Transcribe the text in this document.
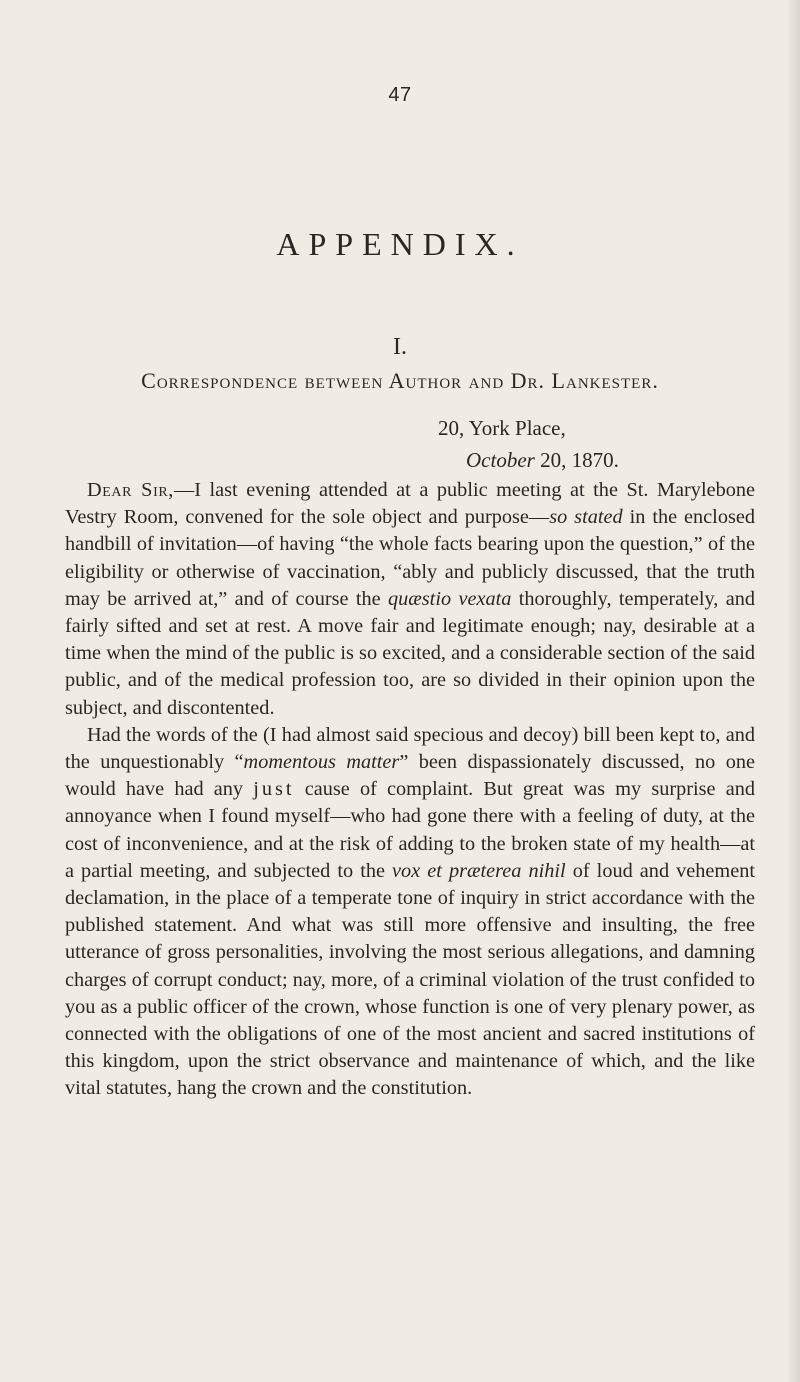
47
APPENDIX.
I.
Correspondence between Author and Dr. Lankester.
20, York Place,
October 20, 1870.

Dear Sir,—I last evening attended at a public meeting at the St. Marylebone Vestry Room, convened for the sole object and purpose—so stated in the enclosed handbill of invitation—of having “the whole facts bearing upon the question,” of the eligibility or otherwise of vaccination, “ably and publicly discussed, that the truth may be arrived at,” and of course the quæstio vexata thoroughly, temperately, and fairly sifted and set at rest. A move fair and legitimate enough; nay, desirable at a time when the mind of the public is so excited, and a considerable section of the said public, and of the medical profession too, are so divided in their opinion upon the subject, and discontented.

Had the words of the (I had almost said specious and decoy) bill been kept to, and the unquestionably “momentous matter” been dispassionately discussed, no one would have had any just cause of complaint. But great was my surprise and annoyance when I found myself—who had gone there with a feeling of duty, at the cost of inconvenience, and at the risk of adding to the broken state of my health—at a partial meeting, and subjected to the vox et præterea nihil of loud and vehement declamation, in the place of a temperate tone of inquiry in strict accordance with the published statement. And what was still more offensive and insulting, the free utterance of gross personalities, involving the most serious allegations, and damning charges of corrupt conduct; nay, more, of a criminal violation of the trust confided to you as a public officer of the crown, whose function is one of very plenary power, as connected with the obligations of one of the most ancient and sacred institutions of this kingdom, upon the strict observance and maintenance of which, and the like vital statutes, hang the crown and the constitution.
